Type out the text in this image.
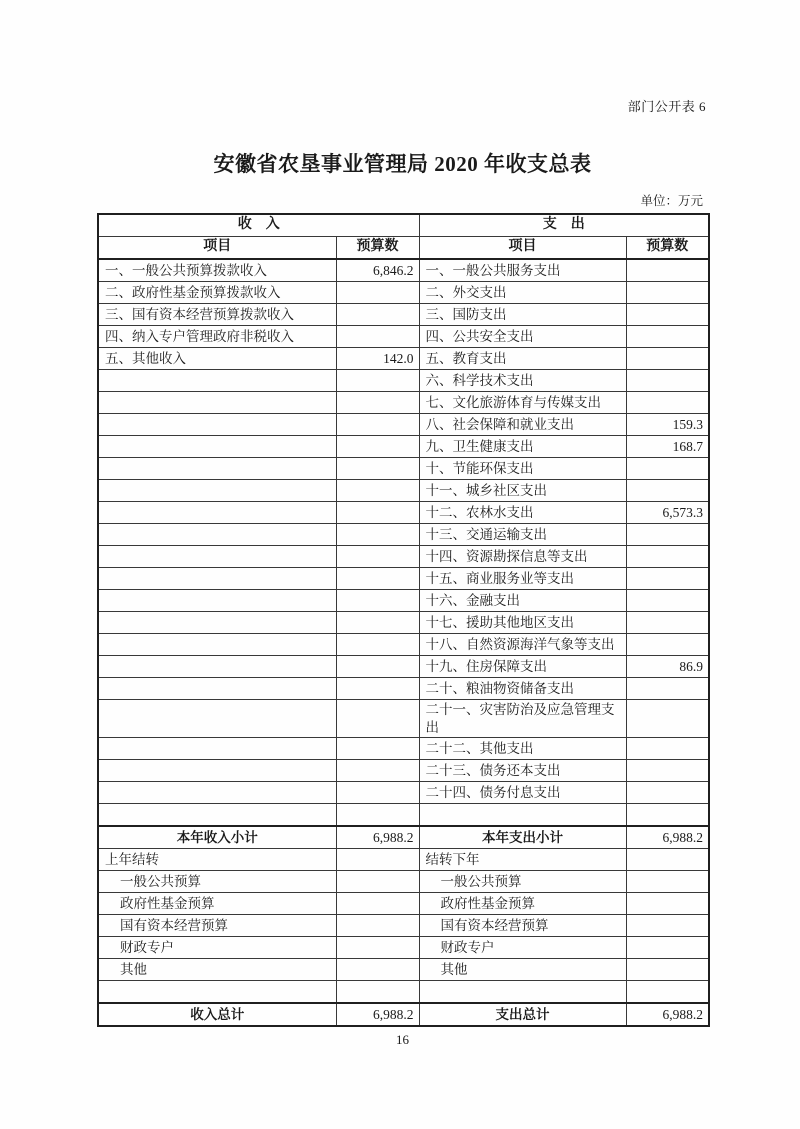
部门公开表 6
安徽省农垦事业管理局 2020 年收支总表
单位：万元
收　入		支　出	
项目	预算数	项目	预算数
一、一般公共预算拨款收入	6,846.2	一、一般公共服务支出	
二、政府性基金预算拨款收入		二、外交支出	
三、国有资本经营预算拨款收入		三、国防支出	
四、纳入专户管理政府非税收入		四、公共安全支出	
五、其他收入	142.0	五、教育支出	
		六、科学技术支出	
		七、文化旅游体育与传媒支出	
		八、社会保障和就业支出	159.3
		九、卫生健康支出	168.7
		十、节能环保支出	
		十一、城乡社区支出	
		十二、农林水支出	6,573.3
		十三、交通运输支出	
		十四、资源勘探信息等支出	
		十五、商业服务业等支出	
		十六、金融支出	
		十七、援助其他地区支出	
		十八、自然资源海洋气象等支出	
		十九、住房保障支出	86.9
		二十、粮油物资储备支出	
		二十一、灾害防治及应急管理支出	
		二十二、其他支出	
		二十三、债务还本支出	
		二十四、债务付息支出	

本年收入小计	6,988.2	本年支出小计	6,988.2
上年结转		结转下年	
一般公共预算		一般公共预算	
政府性基金预算		政府性基金预算	
国有资本经营预算		国有资本经营预算	
财政专户		财政专户	
其他		其他	

收入总计	6,988.2	支出总计	6,988.2
16
